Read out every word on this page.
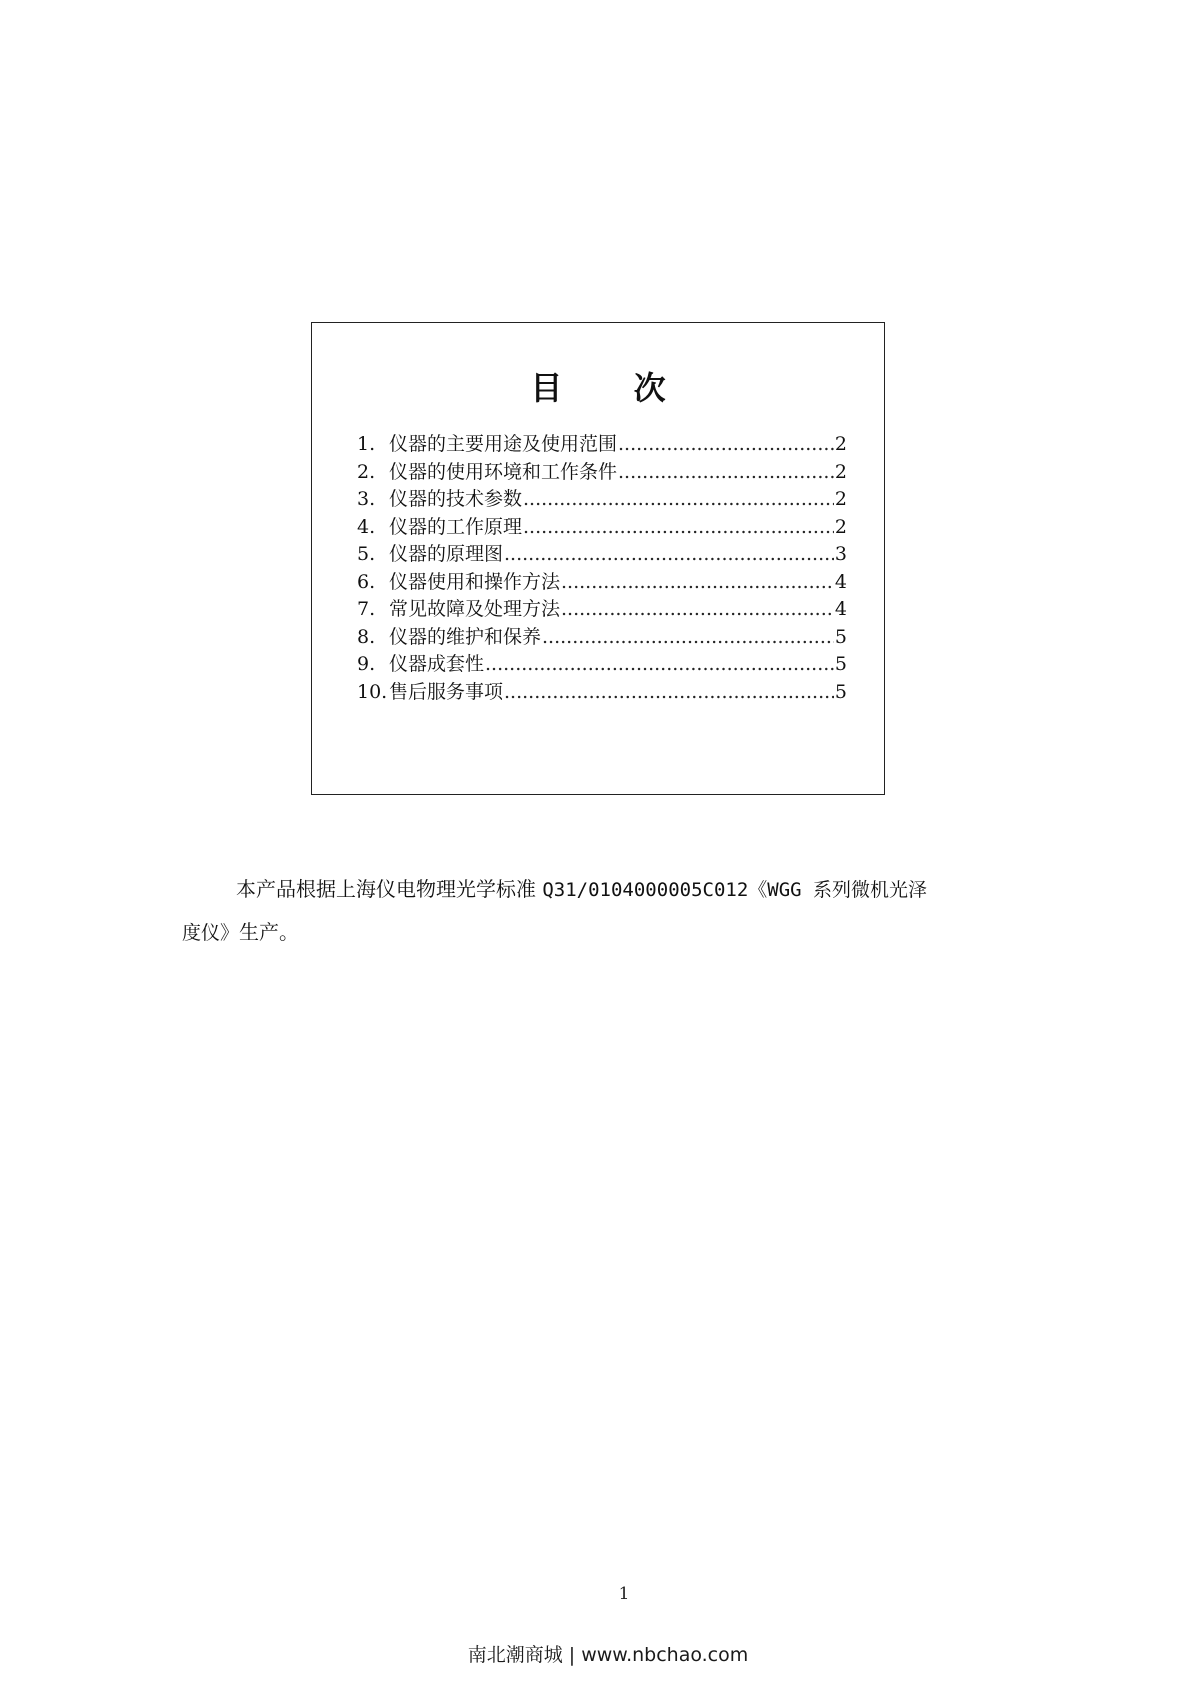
目 次
1. 仪器的主要用途及使用范围 .....	2
2. 仪器的使用环境和工作条件 .....	2
3. 仪器的技术参数 .....	2
4. 仪器的工作原理 .....	2
5. 仪器的原理图 .....	3
6. 仪器使用和操作方法 .....	4
7. 常见故障及处理方法 .....	4
8. 仪器的维护和保养 .....	5
9. 仪器成套性 .....	5
10. 售后服务事项 .....	5

本产品根据上海仪电物理光学标准 Q31/0104000005C012《WGG 系列微机光泽度仪》生产。

1
南北潮商城 | www.nbchao.com
